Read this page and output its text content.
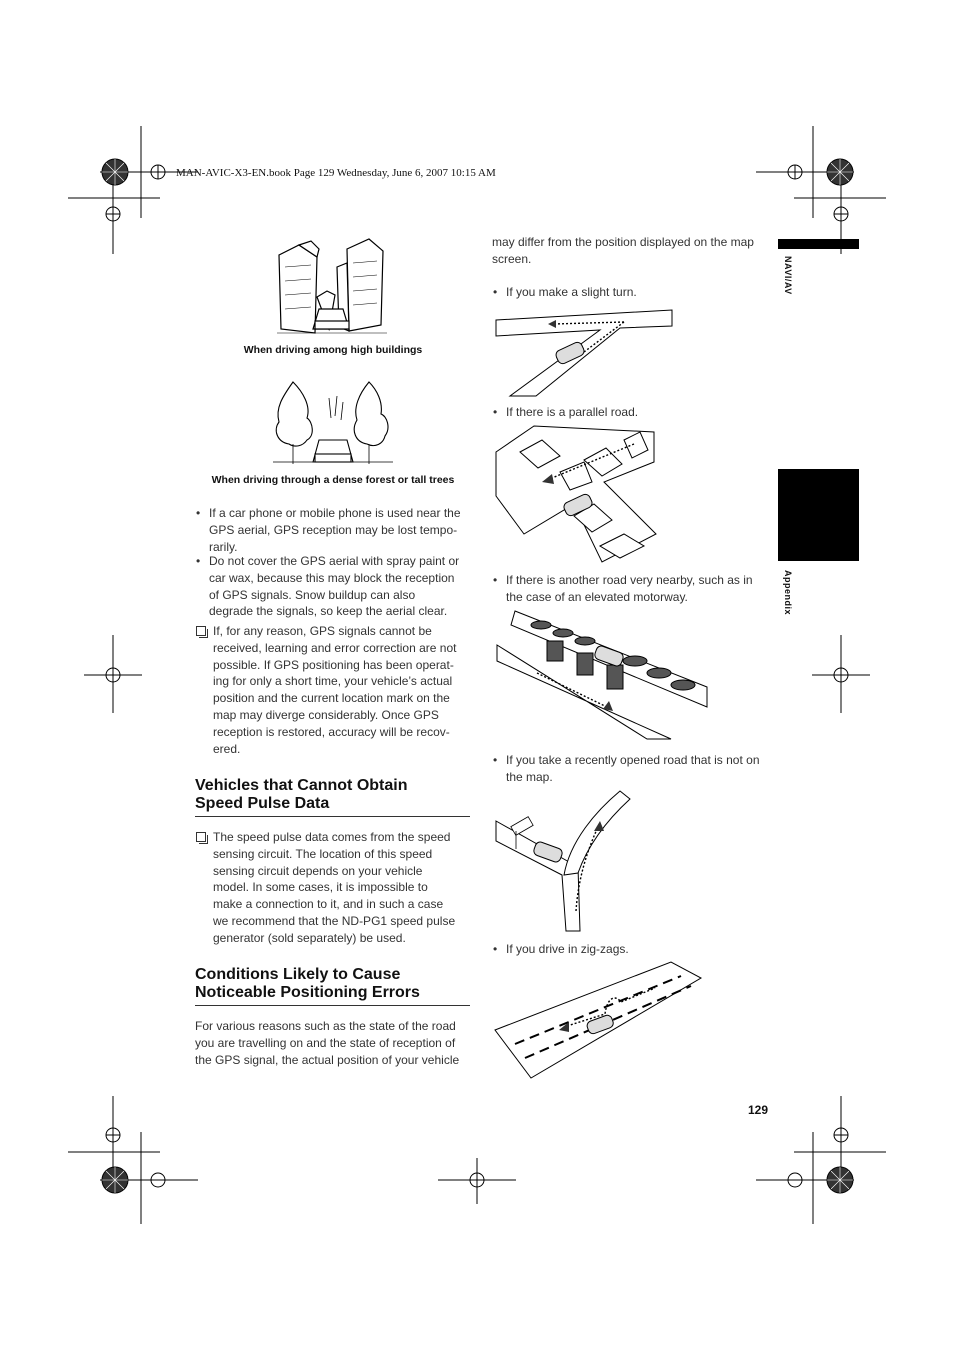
MAN-AVIC-X3-EN.book Page 129 Wednesday, June 6, 2007 10:15 AM
NAVI/AV
Appendix
When driving among high buildings
When driving through a dense forest or tall trees
• If a car phone or mobile phone is used near the
GPS aerial, GPS reception may be lost tempo-
rarily.
• Do not cover the GPS aerial with spray paint or
car wax, because this may block the reception
of GPS signals. Snow buildup can also
degrade the signals, so keep the aerial clear.
If, for any reason, GPS signals cannot be
received, learning and error correction are not
possible. If GPS positioning has been operat-
ing for only a short time, your vehicle’s actual
position and the current location mark on the
map may diverge considerably. Once GPS
reception is restored, accuracy will be recov-
ered.
Vehicles that Cannot Obtain
Speed Pulse Data
The speed pulse data comes from the speed
sensing circuit. The location of this speed
sensing circuit depends on your vehicle
model. In some cases, it is impossible to
make a connection to it, and in such a case
we recommend that the ND-PG1 speed pulse
generator (sold separately) be used.
Conditions Likely to Cause
Noticeable Positioning Errors
For various reasons such as the state of the road
you are travelling on and the state of reception of
the GPS signal, the actual position of your vehicle
may differ from the position displayed on the map
screen.
• If you make a slight turn.
• If there is a parallel road.
• If there is another road very nearby, such as in
the case of an elevated motorway.
• If you take a recently opened road that is not on
the map.
• If you drive in zig-zags.
129
